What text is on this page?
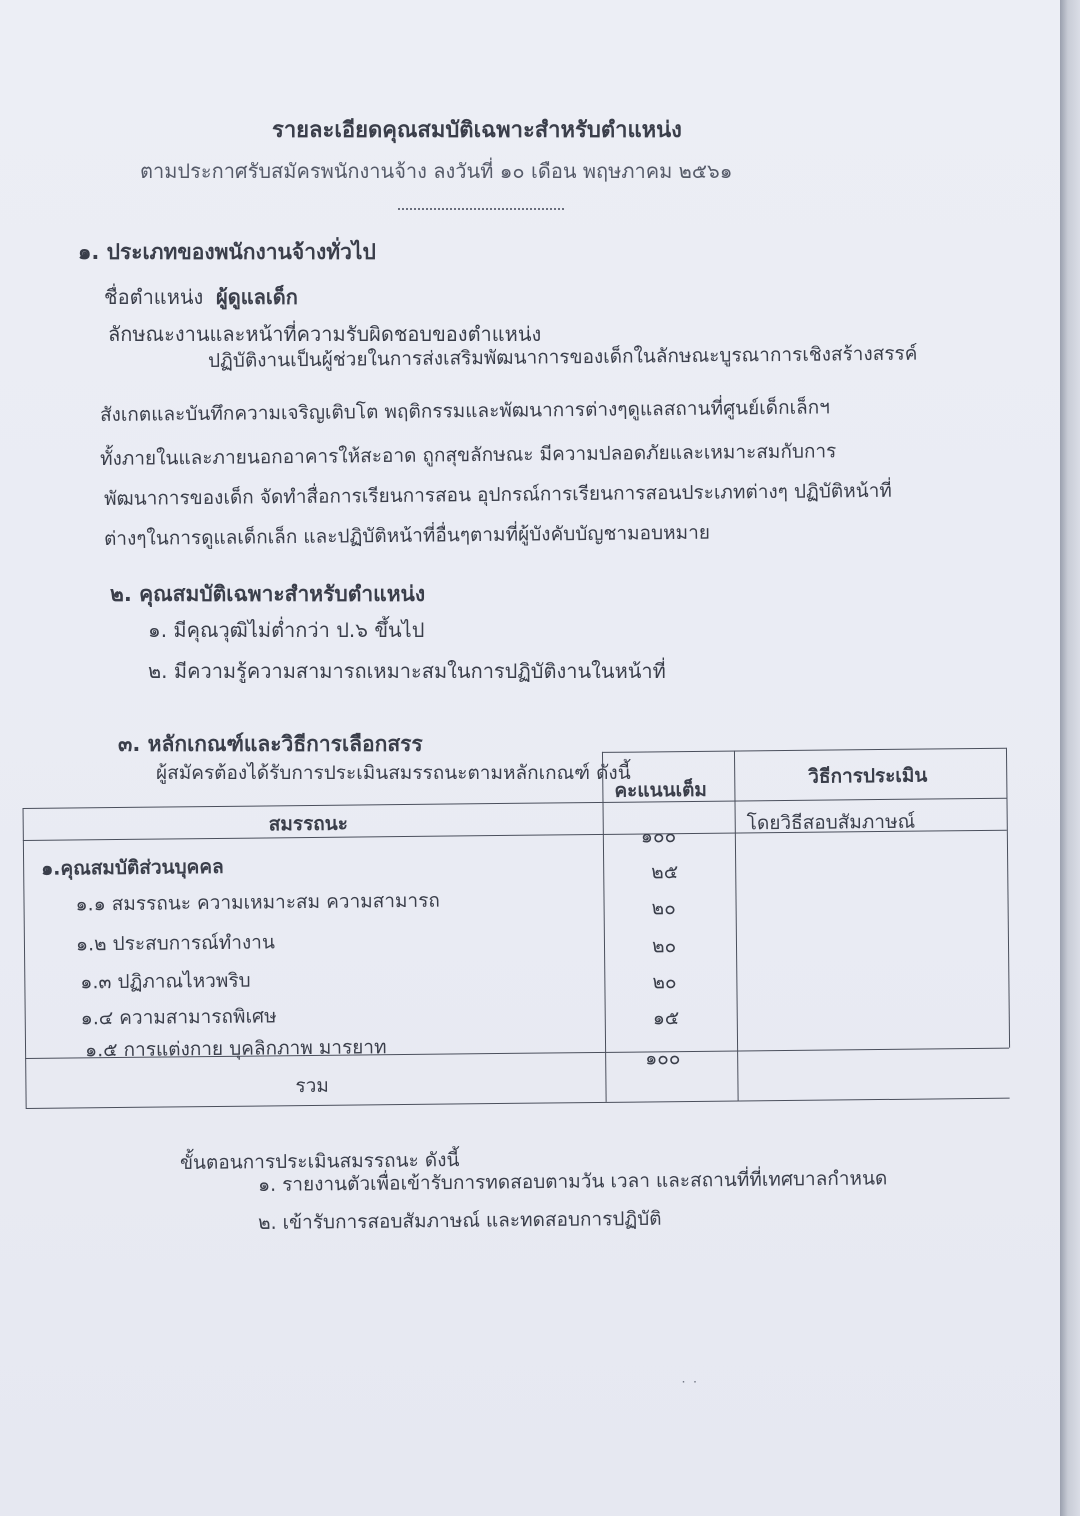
รายละเอียดคุณสมบัติเฉพาะสำหรับตำแหน่ง
ตามประกาศรับสมัครพนักงานจ้าง ลงวันที่ ๑๐ เดือน พฤษภาคม ๒๕๖๑
๑. ประเภทของพนักงานจ้างทั่วไป
ชื่อตำแหน่ง ผู้ดูแลเด็ก
ลักษณะงานและหน้าที่ความรับผิดชอบของตำแหน่ง
ปฏิบัติงานเป็นผู้ช่วยในการส่งเสริมพัฒนาการของเด็กในลักษณะบูรณาการเชิงสร้างสรรค์
สังเกตและบันทึกความเจริญเติบโต พฤติกรรมและพัฒนาการต่างๆดูแลสถานที่ศูนย์เด็กเล็กฯ
ทั้งภายในและภายนอกอาคารให้สะอาด ถูกสุขลักษณะ มีความปลอดภัยและเหมาะสมกับการ
พัฒนาการของเด็ก จัดทำสื่อการเรียนการสอน อุปกรณ์การเรียนการสอนประเภทต่างๆ ปฏิบัติหน้าที่
ต่างๆในการดูแลเด็กเล็ก และปฏิบัติหน้าที่อื่นๆตามที่ผู้บังคับบัญชามอบหมาย
๒. คุณสมบัติเฉพาะสำหรับตำแหน่ง
๑. มีคุณวุฒิไม่ต่ำกว่า ป.๖ ขึ้นไป
๒. มีความรู้ความสามารถเหมาะสมในการปฏิบัติงานในหน้าที่
๓. หลักเกณฑ์และวิธีการเลือกสรร
ผู้สมัครต้องได้รับการประเมินสมรรถนะตามหลักเกณฑ์ ดังนี้
สมรรถนะ
คะแนนเต็ม
วิธีการประเมิน
๑.คุณสมบัติส่วนบุคคล
๑๐๐
โดยวิธีสอบสัมภาษณ์
๑.๑ สมรรถนะ ความเหมาะสม ความสามารถ
๒๕
๑.๒ ประสบการณ์ทำงาน
๒๐
๑.๓ ปฏิภาณไหวพริบ
๒๐
๑.๔ ความสามารถพิเศษ
๒๐
๑.๕ การแต่งกาย บุคลิกภาพ มารยาท
๑๕
รวม
๑๐๐
ขั้นตอนการประเมินสมรรถนะ ดังนี้
๑. รายงานตัวเพื่อเข้ารับการทดสอบตามวัน เวลา และสถานที่ที่เทศบาลกำหนด
๒. เข้ารับการสอบสัมภาษณ์ และทดสอบการปฏิบัติ
˙ ˙
